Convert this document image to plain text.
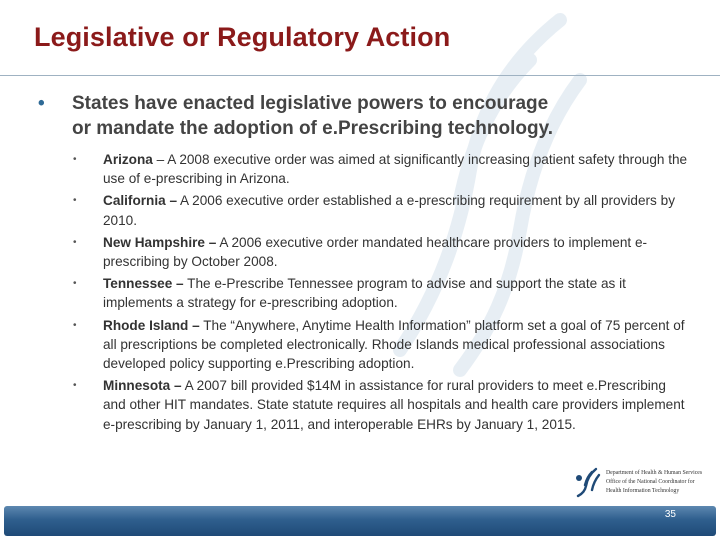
Legislative or Regulatory Action
• States have enacted legislative powers to encourage
or mandate the adoption of e.Prescribing technology.
• Arizona – A 2008 executive order was aimed at significantly increasing patient safety through the use of e-prescribing in Arizona.
• California – A 2006 executive order established a e-prescribing requirement by all providers by 2010.
• New Hampshire – A 2006 executive order mandated healthcare providers to implement e-prescribing by October 2008.
• Tennessee – The e-Prescribe Tennessee program to advise and support the state as it implements a strategy for e-prescribing adoption.
• Rhode Island – The “Anywhere, Anytime Health Information” platform set a goal of 75 percent of all prescriptions be completed electronically. Rhode Islands medical professional associations developed policy supporting e.Prescribing adoption.
• Minnesota – A 2007 bill provided $14M in assistance for rural providers to meet e.Prescribing and other HIT mandates. State statute requires all hospitals and health care providers implement e-prescribing by January 1, 2011, and interoperable EHRs by January 1, 2015.
Department of Health & Human Services
Office of the National Coordinator for
Health Information Technology
35
